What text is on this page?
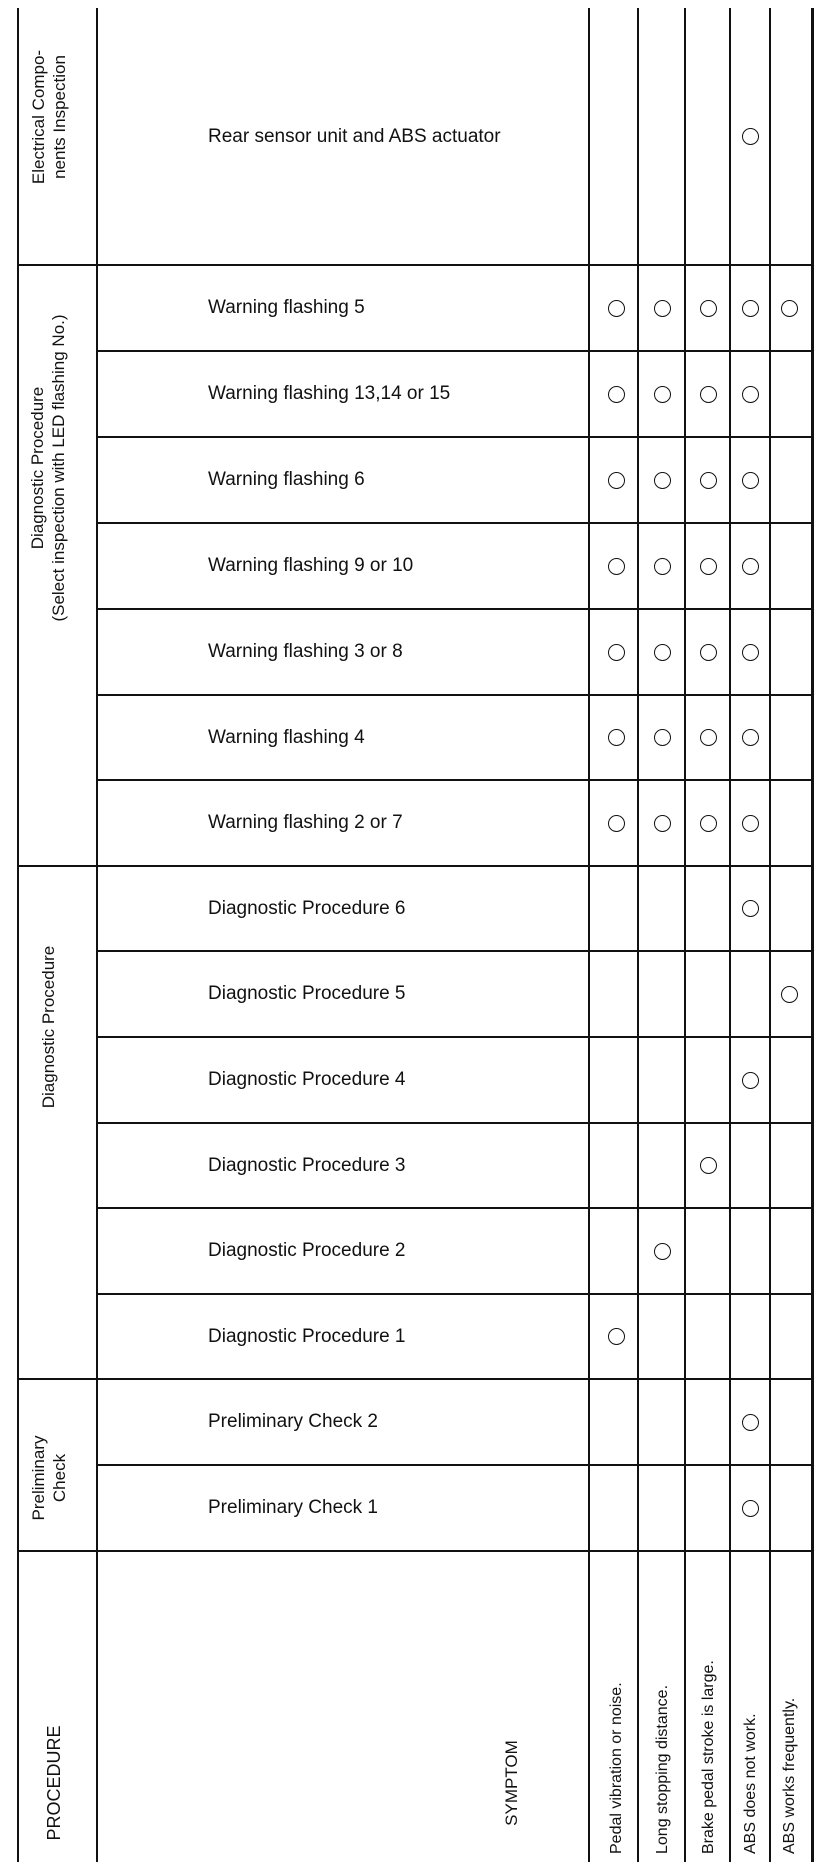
Electrical Compo- nents Inspection
Diagnostic Procedure (Select inspection with LED flashing No.)
Diagnostic Procedure
Preliminary Check
PROCEDURE	SYMPTOM	Pedal vibration or noise. Long stopping distance. Brake pedal stroke is large. ABS does not work. ABS works frequently.
Rear sensor unit and ABS actuator
Warning flashing 5
Warning flashing 13,14 or 15
Warning flashing 6
Warning flashing 9 or 10
Warning flashing 3 or 8
Warning flashing 4
Warning flashing 2 or 7
Diagnostic Procedure 6
Diagnostic Procedure 5
Diagnostic Procedure 4
Diagnostic Procedure 3
Diagnostic Procedure 2
Diagnostic Procedure 1
Preliminary Check 2
Preliminary Check 1
